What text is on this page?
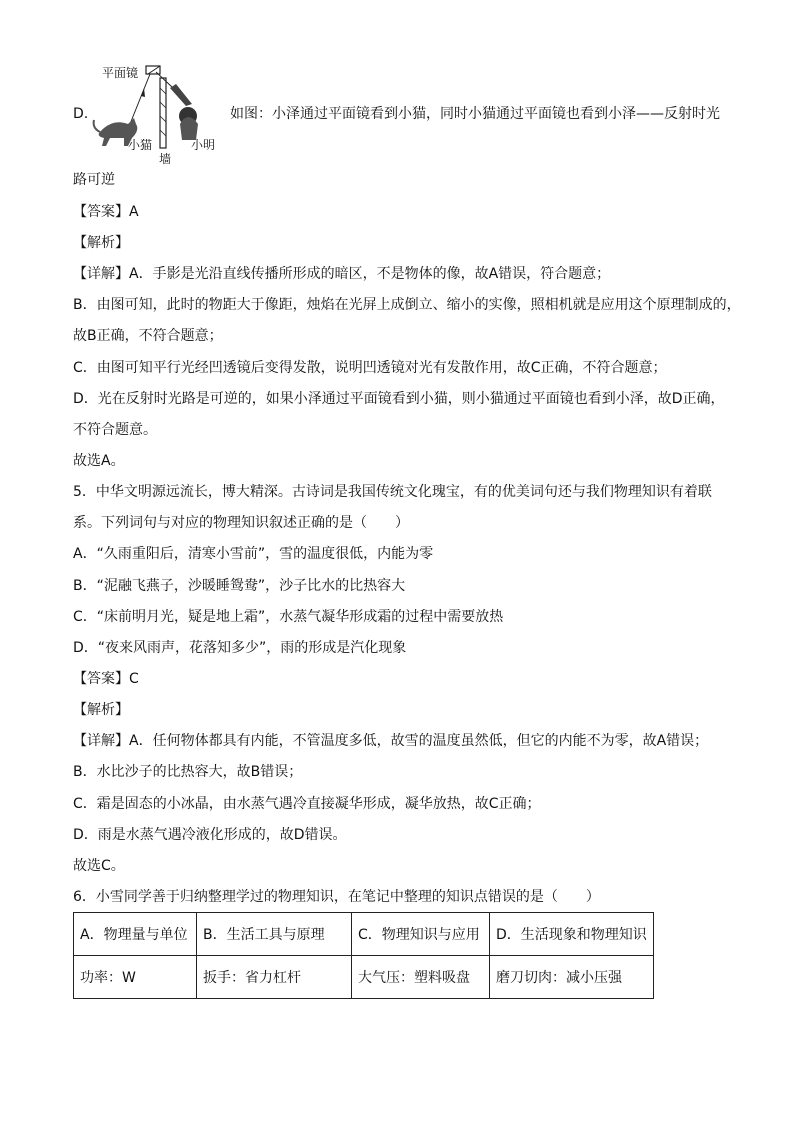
D.
平面镜
小猫
墙
小明
如图：小泽通过平面镜看到小猫，同时小猫通过平面镜也看到小泽——反射时光
路可逆
【答案】A
【解析】
【详解】A．手影是光沿直线传播所形成的暗区，不是物体的像，故A错误，符合题意；
B．由图可知，此时的物距大于像距，烛焰在光屏上成倒立、缩小的实像，照相机就是应用这个原理制成的，
故B正确，不符合题意；
C．由图可知平行光经凹透镜后变得发散，说明凹透镜对光有发散作用，故C正确，不符合题意；
D．光在反射时光路是可逆的，如果小泽通过平面镜看到小猫，则小猫通过平面镜也看到小泽，故D正确，
不符合题意。
故选A。
5．中华文明源远流长，博大精深。古诗词是我国传统文化瑰宝，有的优美词句还与我们物理知识有着联
系。下列词句与对应的物理知识叙述正确的是（　　）
A．“久雨重阳后，清寒小雪前”，雪的温度很低，内能为零
B．“泥融飞燕子，沙暖睡鸳鸯”，沙子比水的比热容大
C．“床前明月光，疑是地上霜”，水蒸气凝华形成霜的过程中需要放热
D．“夜来风雨声，花落知多少”，雨的形成是汽化现象
【答案】C
【解析】
【详解】A．任何物体都具有内能，不管温度多低，故雪的温度虽然低，但它的内能不为零，故A错误；
B．水比沙子的比热容大，故B错误；
C．霜是固态的小冰晶，由水蒸气遇冷直接凝华形成，凝华放热，故C正确；
D．雨是水蒸气遇冷液化形成的，故D错误。
故选C。
6．小雪同学善于归纳整理学过的物理知识，在笔记中整理的知识点错误的是（　　）
A．物理量与单位	B．生活工具与原理	C．物理知识与应用	D．生活现象和物理知识
功率：W	扳手：省力杠杆	大气压：塑料吸盘	磨刀切肉：减小压强
